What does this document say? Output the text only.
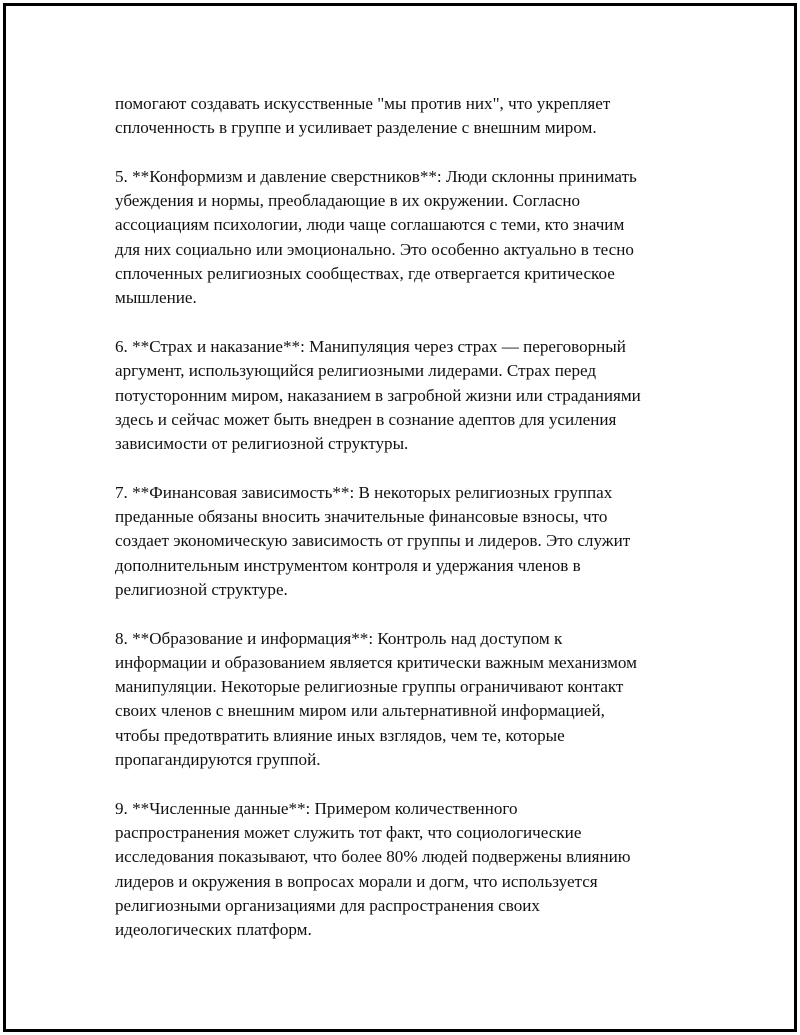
помогают создавать искусственные "мы против них", что укрепляет
сплоченность в группе и усиливает разделение с внешним миром.

5. **Конформизм и давление сверстников**: Люди склонны принимать
убеждения и нормы, преобладающие в их окружении. Согласно
ассоциациям психологии, люди чаще соглашаются с теми, кто значим
для них социально или эмоционально. Это особенно актуально в тесно
сплоченных религиозных сообществах, где отвергается критическое
мышление.

6. **Страх и наказание**: Манипуляция через страх — переговорный
аргумент, использующийся религиозными лидерами. Страх перед
потусторонним миром, наказанием в загробной жизни или страданиями
здесь и сейчас может быть внедрен в сознание адептов для усиления
зависимости от религиозной структуры.

7. **Финансовая зависимость**: В некоторых религиозных группах
преданные обязаны вносить значительные финансовые взносы, что
создает экономическую зависимость от группы и лидеров. Это служит
дополнительным инструментом контроля и удержания членов в
религиозной структуре.

8. **Образование и информация**: Контроль над доступом к
информации и образованием является критически важным механизмом
манипуляции. Некоторые религиозные группы ограничивают контакт
своих членов с внешним миром или альтернативной информацией,
чтобы предотвратить влияние иных взглядов, чем те, которые
пропагандируются группой.

9. **Численные данные**: Примером количественного
распространения может служить тот факт, что социологические
исследования показывают, что более 80% людей подвержены влиянию
лидеров и окружения в вопросах морали и догм, что используется
религиозными организациями для распространения своих
идеологических платформ.
